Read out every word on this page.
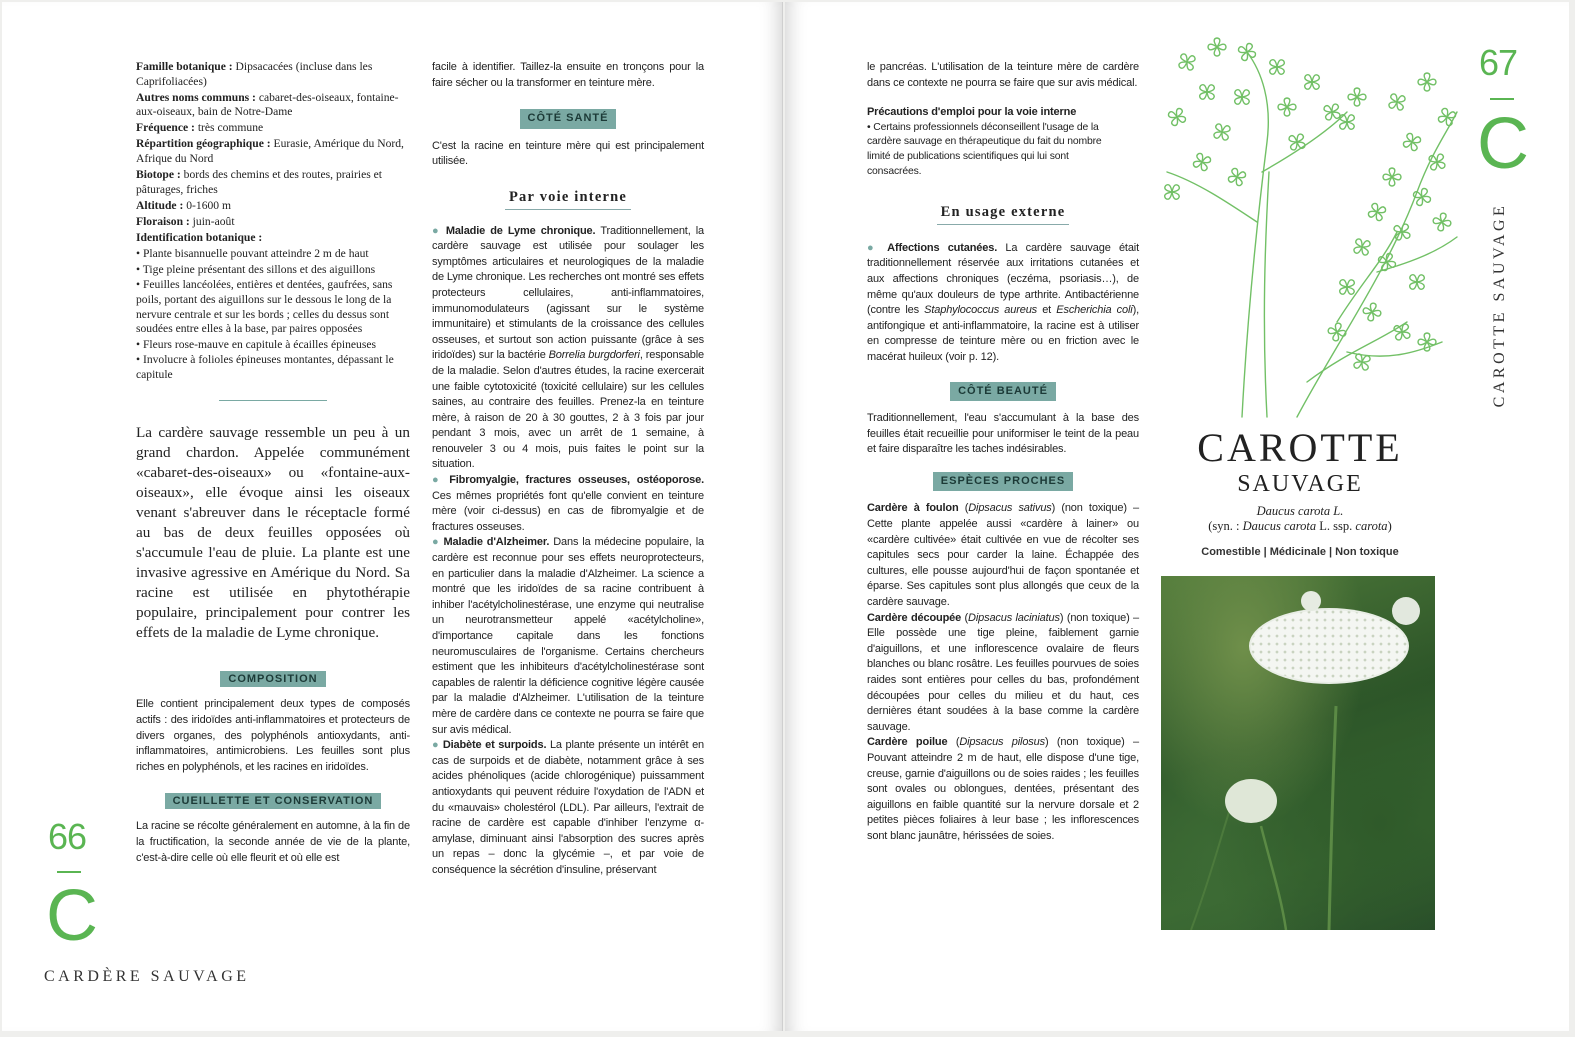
Famille botanique : Dipsacacées (incluse dans les Caprifoliacées)

Autres noms communs : cabaret-des-oiseaux, fontaine-aux-oiseaux, bain de Notre-Dame

Fréquence : très commune

Répartition géographique : Eurasie, Amérique du Nord, Afrique du Nord

Biotope : bords des chemins et des routes, prairies et pâturages, friches

Altitude : 0-1600 m

Floraison : juin-août

Identification botanique :

• Plante bisannuelle pouvant atteindre 2 m de haut

• Tige pleine présentant des sillons et des aiguillons

• Feuilles lancéolées, entières et dentées, gaufrées, sans poils, portant des aiguillons sur le dessous le long de la nervure centrale et sur les bords ; celles du dessus sont soudées entre elles à la base, par paires opposées

• Fleurs rose-mauve en capitule à écailles épineuses

• Involucre à folioles épineuses montantes, dépassant le capitule

La cardère sauvage ressemble un peu à un grand chardon. Appelée communément «cabaret-des-oiseaux» ou «fontaine-aux-oiseaux», elle évoque ainsi les oiseaux venant s'abreuver dans le réceptacle formé au bas de deux feuilles opposées où s'accumule l'eau de pluie. La plante est une invasive agressive en Amérique du Nord. Sa racine est utilisée en phytothérapie populaire, principalement pour contrer les effets de la maladie de Lyme chronique.

COMPOSITION

Elle contient principalement deux types de composés actifs : des iridoïdes anti-inflammatoires et protecteurs de divers organes, des polyphénols antioxydants, anti-inflammatoires, antimicrobiens. Les feuilles sont plus riches en polyphénols, et les racines en iridoïdes.

CUEILLETTE ET CONSERVATION

La racine se récolte généralement en automne, à la fin de la fructification, la seconde année de vie de la plante, c'est-à-dire celle où elle fleurit et où elle est

66
C
CARDÈRE SAUVAGE

facile à identifier. Taillez-la ensuite en tronçons pour la faire sécher ou la transformer en teinture mère.

CÔTÉ SANTÉ

C'est la racine en teinture mère qui est principalement utilisée.

Par voie interne

● Maladie de Lyme chronique. Traditionnellement, la cardère sauvage est utilisée pour soulager les symptômes articulaires et neurologiques de la maladie de Lyme chronique. Les recherches ont montré ses effets protecteurs cellulaires, anti-inflammatoires, immunomodulateurs (agissant sur le système immunitaire) et stimulants de la croissance des cellules osseuses, et surtout son action puissante (grâce à ses iridoïdes) sur la bactérie Borrelia burgdorferi, responsable de la maladie. Selon d'autres études, la racine exercerait une faible cytotoxicité (toxicité cellulaire) sur les cellules saines, au contraire des feuilles. Prenez-la en teinture mère, à raison de 20 à 30 gouttes, 2 à 3 fois par jour pendant 3 mois, avec un arrêt de 1 semaine, à renouveler 3 ou 4 mois, puis faites le point sur la situation.

● Fibromyalgie, fractures osseuses, ostéoporose. Ces mêmes propriétés font qu'elle convient en teinture mère (voir ci-dessus) en cas de fibromyalgie et de fractures osseuses.

● Maladie d'Alzheimer. Dans la médecine populaire, la cardère est reconnue pour ses effets neuroprotecteurs, en particulier dans la maladie d'Alzheimer. La science a montré que les iridoïdes de sa racine contribuent à inhiber l'acétylcholinestérase, une enzyme qui neutralise un neurotransmetteur appelé «acétylcholine», d'importance capitale dans les fonctions neuromusculaires de l'organisme. Certains chercheurs estiment que les inhibiteurs d'acétylcholinestérase sont capables de ralentir la déficience cognitive légère causée par la maladie d'Alzheimer. L'utilisation de la teinture mère de cardère dans ce contexte ne pourra se faire que sur avis médical.

● Diabète et surpoids. La plante présente un intérêt en cas de surpoids et de diabète, notamment grâce à ses acides phénoliques (acide chlorogénique) puissamment antioxydants qui peuvent réduire l'oxydation de l'ADN et du «mauvais» cholestérol (LDL). Par ailleurs, l'extrait de racine de cardère est capable d'inhiber l'enzyme α-amylase, diminuant ainsi l'absorption des sucres après un repas – donc la glycémie –, et par voie de conséquence la sécrétion d'insuline, préservant

le pancréas. L'utilisation de la teinture mère de cardère dans ce contexte ne pourra se faire que sur avis médical.

Précautions d'emploi pour la voie interne

• Certains professionnels déconseillent l'usage de la cardère sauvage en thérapeutique du fait du nombre limité de publications scientifiques qui lui sont consacrées.

En usage externe

● Affections cutanées. La cardère sauvage était traditionnellement réservée aux irritations cutanées et aux affections chroniques (eczéma, psoriasis…), de même qu'aux douleurs de type arthrite. Antibactérienne (contre les Staphylococcus aureus et Escherichia coli), antifongique et anti-inflammatoire, la racine est à utiliser en compresse de teinture mère ou en friction avec le macérat huileux (voir p. 12).

CÔTÉ BEAUTÉ

Traditionnellement, l'eau s'accumulant à la base des feuilles était recueillie pour uniformiser le teint de la peau et faire disparaître les taches indésirables.

ESPÈCES PROCHES

Cardère à foulon (Dipsacus sativus) (non toxique) – Cette plante appelée aussi «cardère à lainer» ou «cardère cultivée» était cultivée en vue de récolter ses capitules secs pour carder la laine. Échappée des cultures, elle pousse aujourd'hui de façon spontanée et éparse. Ses capitules sont plus allongés que ceux de la cardère sauvage.

Cardère découpée (Dipsacus laciniatus) (non toxique) – Elle possède une tige pleine, faiblement garnie d'aiguillons, et une inflorescence ovalaire de fleurs blanches ou blanc rosâtre. Les feuilles pourvues de soies raides sont entières pour celles du bas, profondément découpées pour celles du milieu et du haut, ces dernières étant soudées à la base comme la cardère sauvage.

Cardère poilue (Dipsacus pilosus) (non toxique) – Pouvant atteindre 2 m de haut, elle dispose d'une tige, creuse, garnie d'aiguillons ou de soies raides ; les feuilles sont ovales ou oblongues, dentées, présentant des aiguillons en faible quantité sur la nervure dorsale et 2 petites pièces foliaires à leur base ; les inflorescences sont blanc jaunâtre, hérissées de soies.

CAROTTE
SAUVAGE
Daucus carota L.
(syn. : Daucus carota L. ssp. carota)
Comestible | Médicinale | Non toxique
67
C
CAROTTE SAUVAGE
